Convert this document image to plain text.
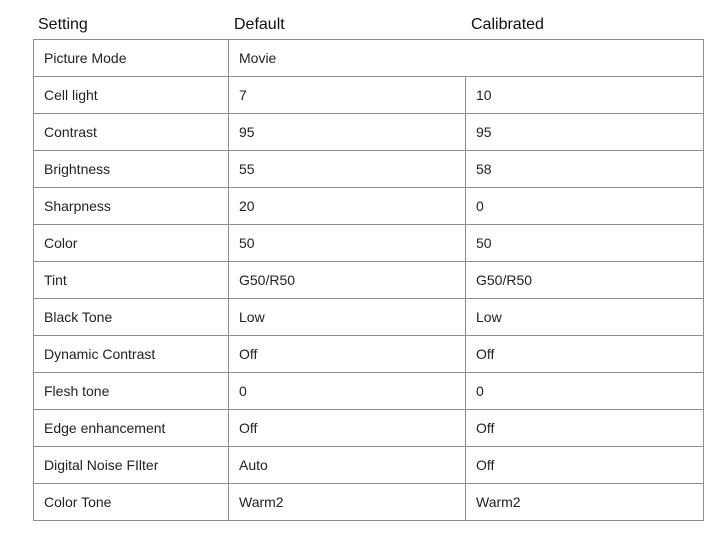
Setting	Default	Calibrated
Picture Mode	Movie	
Cell light	7	10
Contrast	95	95
Brightness	55	58
Sharpness	20	0
Color	50	50
Tint	G50/R50	G50/R50
Black Tone	Low	Low
Dynamic Contrast	Off	Off
Flesh tone	0	0
Edge enhancement	Off	Off
Digital Noise FIlter	Auto	Off
Color Tone	Warm2	Warm2
